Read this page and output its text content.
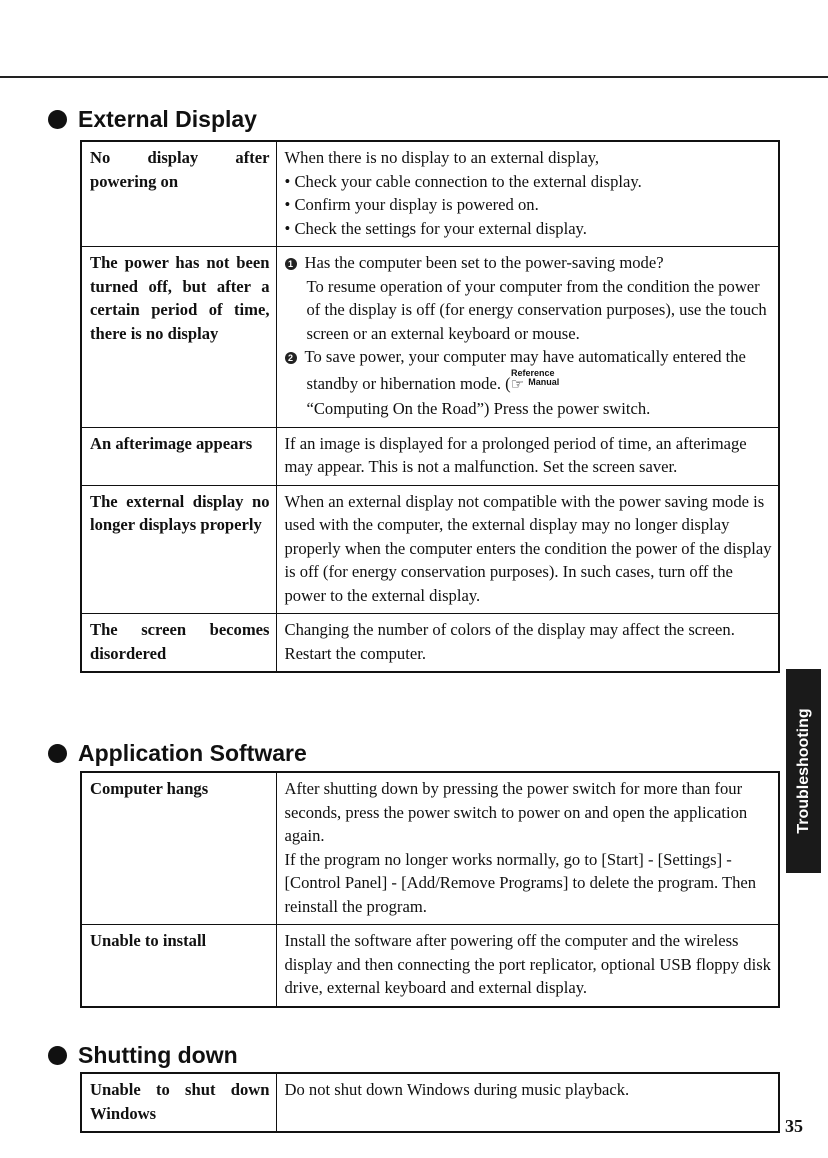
External Display
No display after powering on	When there is no display to an external display,

• Check your cable connection to the external display.

• Confirm your display is powered on.

• Check the settings for your external display.

The power has not been turned off, but after a certain period of time, there is no display	1 Has the computer been set to the power-saving mode?

To resume operation of your computer from the condition the power of the display is off (for energy conservation purposes), use the touch screen or an external keyboard or mouse.

2 To save power, your computer may have automatically entered the standby or hibernation mode. (☞ Reference
Manual

“Computing On the Road”) Press the power switch.

An afterimage appears	If an image is displayed for a prolonged period of time, an afterimage may appear. This is not a malfunction. Set the screen saver.
The external display no longer displays properly	When an external display not compatible with the power saving mode is used with the computer, the external display may no longer display properly when the computer enters the condition the power of the display is off (for energy conservation purposes). In such cases, turn off the power to the external display.
The screen becomes disordered	Changing the number of colors of the display may affect the screen. Restart the computer.
Application Software
Computer hangs	After shutting down by pressing the power switch for more than four seconds, press the power switch to power on and open the application again.

If the program no longer works normally, go to [Start] - [Settings] - [Control Panel] - [Add/Remove Programs] to delete the program. Then reinstall the program.

Unable to install	Install the software after powering off the computer and the wireless display and then connecting the port replicator, optional USB floppy disk drive, external keyboard and external display.
Shutting down
Unable to shut down Windows	Do not shut down Windows during music playback.
Troubleshooting
35
